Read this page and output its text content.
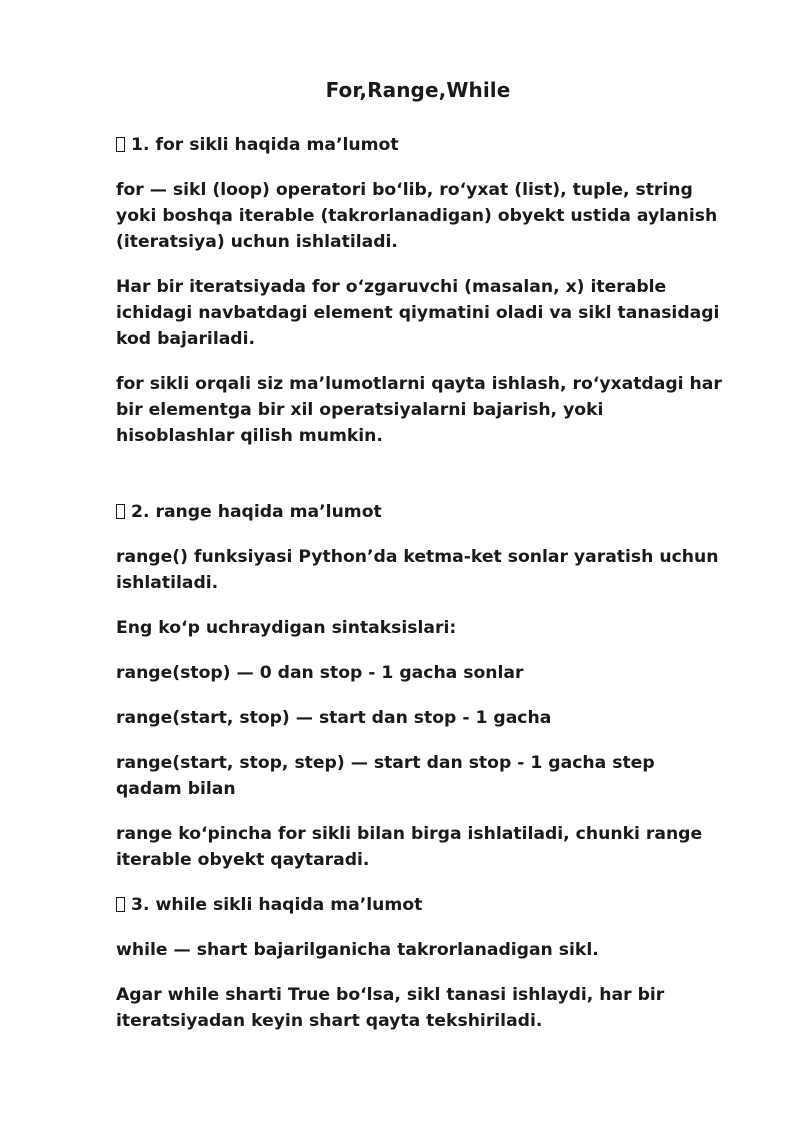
For,Range,While

1. for sikli haqida ma’lumot

for — sikl (loop) operatori bo‘lib, ro‘yxat (list), tuple, string yoki boshqa iterable (takrorlanadigan) obyekt ustida aylanish (iteratsiya) uchun ishlatiladi.

Har bir iteratsiyada for o‘zgaruvchi (masalan, x) iterable ichidagi navbatdagi element qiymatini oladi va sikl tanasidagi kod bajariladi.

for sikli orqali siz ma’lumotlarni qayta ishlash, ro‘yxatdagi har bir elementga bir xil operatsiyalarni bajarish, yoki hisoblashlar qilish mumkin.

2. range haqida ma’lumot

range() funksiyasi Python’da ketma-ket sonlar yaratish uchun ishlatiladi.

Eng ko‘p uchraydigan sintaksislari:

range(stop) — 0 dan stop - 1 gacha sonlar

range(start, stop) — start dan stop - 1 gacha

range(start, stop, step) — start dan stop - 1 gacha step qadam bilan

range ko‘pincha for sikli bilan birga ishlatiladi, chunki range iterable obyekt qaytaradi.

3. while sikli haqida ma’lumot

while — shart bajarilganicha takrorlanadigan sikl.

Agar while sharti True bo‘lsa, sikl tanasi ishlaydi, har bir iteratsiyadan keyin shart qayta tekshiriladi.
